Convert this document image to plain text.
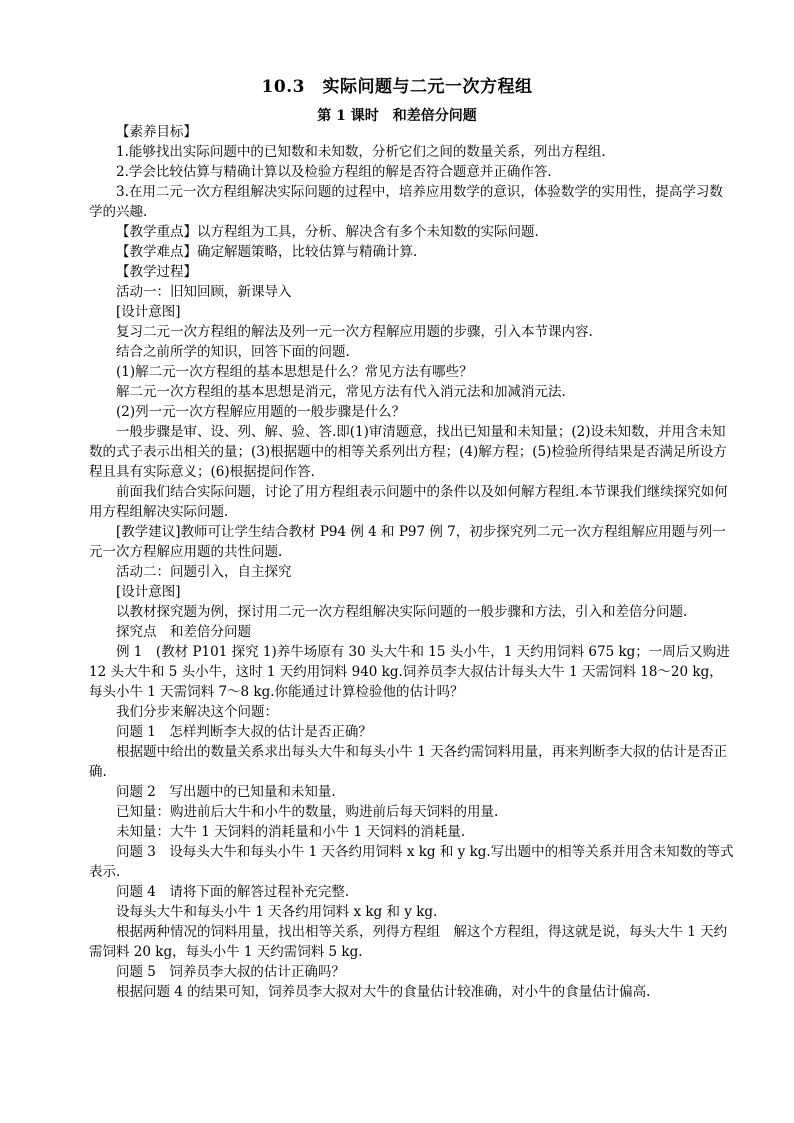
10.3　实际问题与二元一次方程组
第 1 课时　和差倍分问题

【素养目标】

1.能够找出实际问题中的已知数和未知数，分析它们之间的数量关系，列出方程组.

2.学会比较估算与精确计算以及检验方程组的解是否符合题意并正确作答.

3.在用二元一次方程组解决实际问题的过程中，培养应用数学的意识，体验数学的实用性，提高学习数学的兴趣.

【教学重点】以方程组为工具，分析、解决含有多个未知数的实际问题.

【教学难点】确定解题策略，比较估算与精确计算.

【教学过程】

活动一：旧知回顾，新课导入

[设计意图]

复习二元一次方程组的解法及列一元一次方程解应用题的步骤，引入本节课内容.

结合之前所学的知识，回答下面的问题.

(1)解二元一次方程组的基本思想是什么？常见方法有哪些？

解二元一次方程组的基本思想是消元，常见方法有代入消元法和加减消元法.

(2)列一元一次方程解应用题的一般步骤是什么？

一般步骤是审、设、列、解、验、答.即(1)审清题意，找出已知量和未知量；(2)设未知数，并用含未知数的式子表示出相关的量；(3)根据题中的相等关系列出方程；(4)解方程；(5)检验所得结果是否满足所设方程且具有实际意义；(6)根据提问作答.

前面我们结合实际问题，讨论了用方程组表示问题中的条件以及如何解方程组.本节课我们继续探究如何用方程组解决实际问题.

[教学建议]教师可让学生结合教材 P94 例 4 和 P97 例 7，初步探究列二元一次方程组解应用题与列一元一次方程解应用题的共性问题.

活动二：问题引入，自主探究

[设计意图]

以教材探究题为例，探讨用二元一次方程组解决实际问题的一般步骤和方法，引入和差倍分问题.

探究点　和差倍分问题

例 1　(教材 P101 探究 1)养牛场原有 30 头大牛和 15 头小牛，1 天约用饲料 675 kg；一周后又购进 12 头大牛和 5 头小牛，这时 1 天约用饲料 940 kg.饲养员李大叔估计每头大牛 1 天需饲料 18～20 kg，每头小牛 1 天需饲料 7～8 kg.你能通过计算检验他的估计吗？

我们分步来解决这个问题：

问题 1　怎样判断李大叔的估计是否正确？

根据题中给出的数量关系求出每头大牛和每头小牛 1 天各约需饲料用量，再来判断李大叔的估计是否正确.

问题 2　写出题中的已知量和未知量.

已知量：购进前后大牛和小牛的数量，购进前后每天饲料的用量.

未知量：大牛 1 天饲料的消耗量和小牛 1 天饲料的消耗量.

问题 3　设每头大牛和每头小牛 1 天各约用饲料 x kg 和 y kg.写出题中的相等关系并用含未知数的等式表示.

问题 4　请将下面的解答过程补充完整.

设每头大牛和每头小牛 1 天各约用饲料 x kg 和 y kg.

根据两种情况的饲料用量，找出相等关系，列得方程组　解这个方程组，得这就是说，每头大牛 1 天约需饲料 20 kg，每头小牛 1 天约需饲料 5 kg.

问题 5　饲养员李大叔的估计正确吗？

根据问题 4 的结果可知，饲养员李大叔对大牛的食量估计较准确，对小牛的食量估计偏高.
